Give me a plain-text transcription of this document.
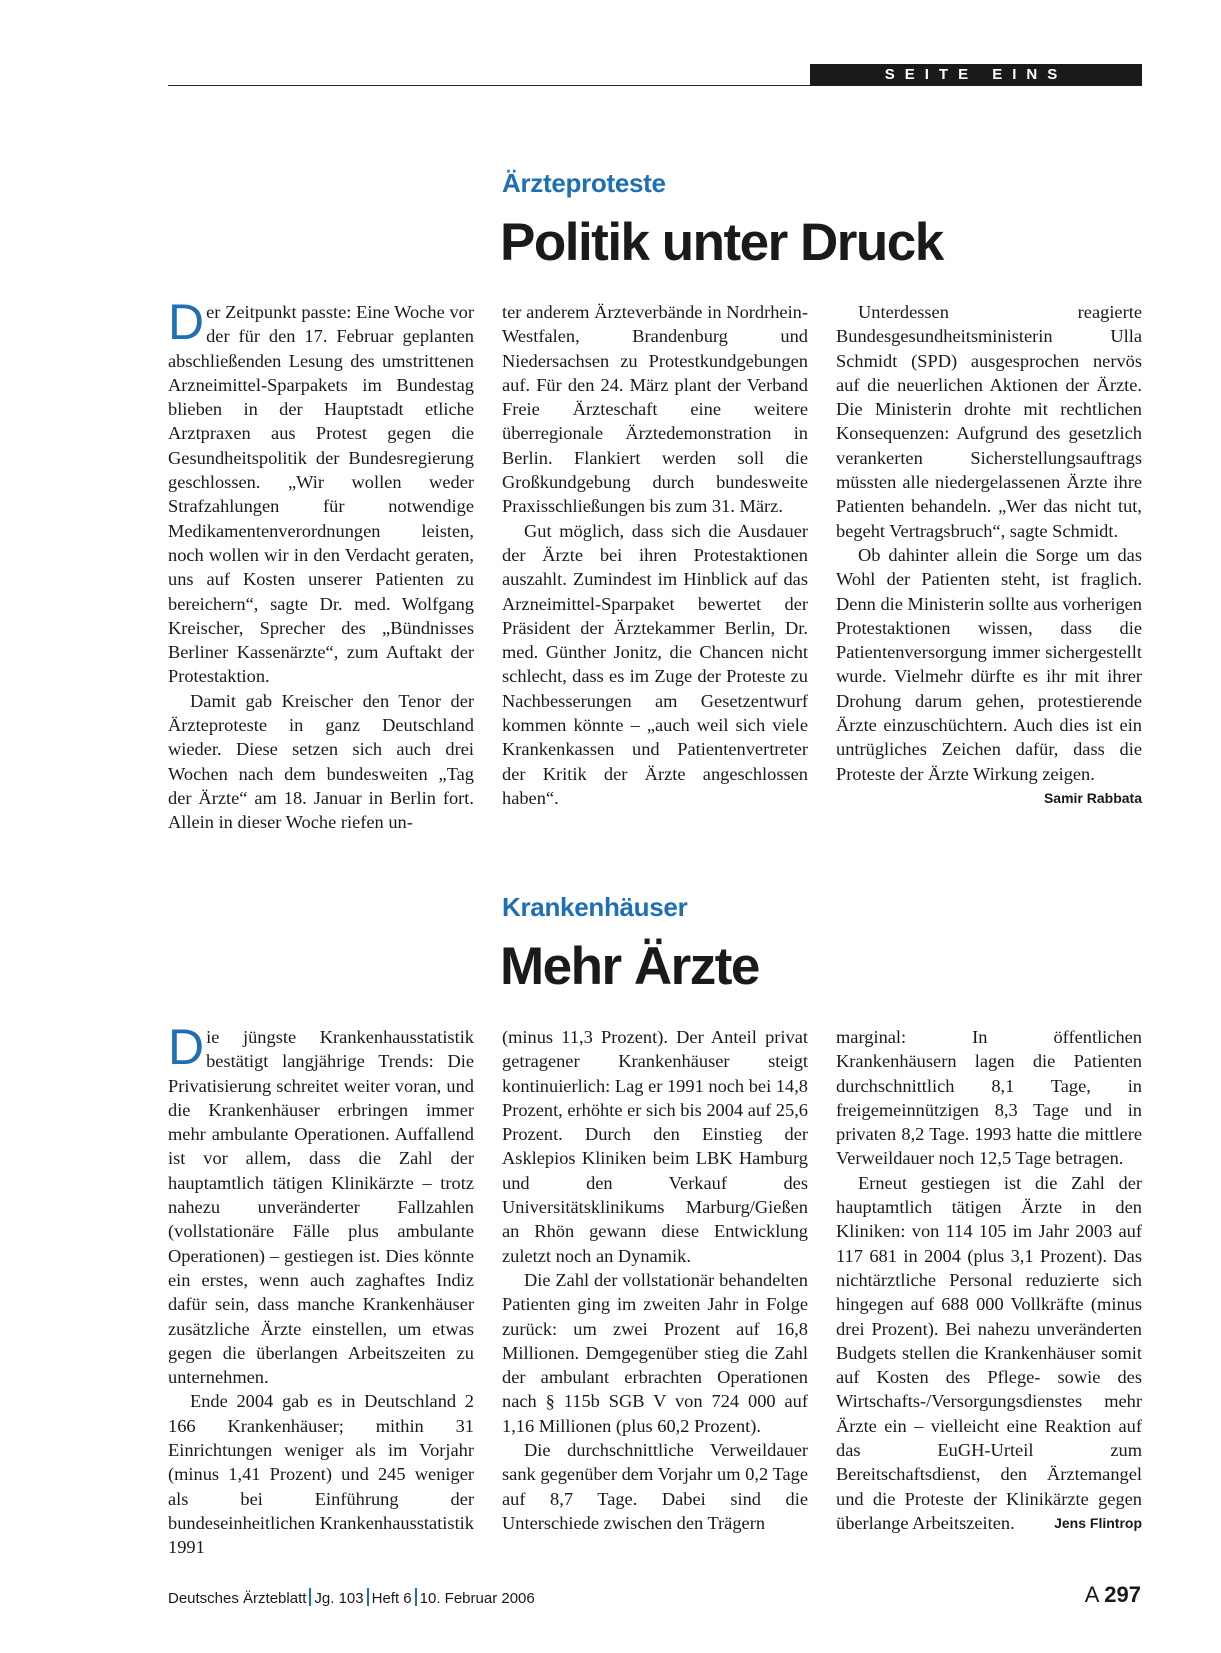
SEITE EINS
Ärzteproteste
Politik unter Druck

Der Zeitpunkt passte: Eine Woche vor der für den 17. Februar geplanten abschließenden Lesung des umstrittenen Arzneimittel-Sparpakets im Bundestag blieben in der Hauptstadt etliche Arztpraxen aus Protest gegen die Gesundheitspolitik der Bundesregierung geschlossen. „Wir wollen weder Strafzahlungen für notwendige Medikamentenverordnungen leisten, noch wollen wir in den Verdacht geraten, uns auf Kosten unserer Patienten zu bereichern“, sagte Dr. med. Wolfgang Kreischer, Sprecher des „Bündnisses Berliner Kassenärzte“, zum Auftakt der Protestaktion.

Damit gab Kreischer den Tenor der Ärzteproteste in ganz Deutschland wieder. Diese setzen sich auch drei Wochen nach dem bundesweiten „Tag der Ärzte“ am 18. Januar in Berlin fort. Allein in dieser Woche riefen un-

ter anderem Ärzteverbände in Nordrhein-Westfalen, Brandenburg und Niedersachsen zu Protestkundgebungen auf. Für den 24. März plant der Verband Freie Ärzteschaft eine weitere überregionale Ärztedemonstration in Berlin. Flankiert werden soll die Großkundgebung durch bundesweite Praxisschließungen bis zum 31. März.

Gut möglich, dass sich die Ausdauer der Ärzte bei ihren Protestaktionen auszahlt. Zumindest im Hinblick auf das Arzneimittel-Sparpaket bewertet der Präsident der Ärztekammer Berlin, Dr. med. Günther Jonitz, die Chancen nicht schlecht, dass es im Zuge der Proteste zu Nachbesserungen am Gesetzentwurf kommen könnte – „auch weil sich viele Krankenkassen und Patientenvertreter der Kritik der Ärzte angeschlossen haben“.

Unterdessen reagierte Bundesgesundheitsministerin Ulla Schmidt (SPD) ausgesprochen nervös auf die neuerlichen Aktionen der Ärzte. Die Ministerin drohte mit rechtlichen Konsequenzen: Aufgrund des gesetzlich verankerten Sicherstellungsauftrags müssten alle niedergelassenen Ärzte ihre Patienten behandeln. „Wer das nicht tut, begeht Vertragsbruch“, sagte Schmidt.

Ob dahinter allein die Sorge um das Wohl der Patienten steht, ist fraglich. Denn die Ministerin sollte aus vorherigen Protestaktionen wissen, dass die Patientenversorgung immer sichergestellt wurde. Vielmehr dürfte es ihr mit ihrer Drohung darum gehen, protestierende Ärzte einzuschüchtern. Auch dies ist ein untrügliches Zeichen dafür, dass die Proteste der Ärzte Wirkung zeigen.
Samir Rabbata

Krankenhäuser
Mehr Ärzte

Die jüngste Krankenhausstatistik bestätigt langjährige Trends: Die Privatisierung schreitet weiter voran, und die Krankenhäuser erbringen immer mehr ambulante Operationen. Auffallend ist vor allem, dass die Zahl der hauptamtlich tätigen Klinikärzte – trotz nahezu unveränderter Fallzahlen (vollstationäre Fälle plus ambulante Operationen) – gestiegen ist. Dies könnte ein erstes, wenn auch zaghaftes Indiz dafür sein, dass manche Krankenhäuser zusätzliche Ärzte einstellen, um etwas gegen die überlangen Arbeitszeiten zu unternehmen.

Ende 2004 gab es in Deutschland 2 166 Krankenhäuser; mithin 31 Einrichtungen weniger als im Vorjahr (minus 1,41 Prozent) und 245 weniger als bei Einführung der bundeseinheitlichen Krankenhausstatistik 1991

(minus 11,3 Prozent). Der Anteil privat getragener Krankenhäuser steigt kontinuierlich: Lag er 1991 noch bei 14,8 Prozent, erhöhte er sich bis 2004 auf 25,6 Prozent. Durch den Einstieg der Asklepios Kliniken beim LBK Hamburg und den Verkauf des Universitätsklinikums Marburg/Gießen an Rhön gewann diese Entwicklung zuletzt noch an Dynamik.

Die Zahl der vollstationär behandelten Patienten ging im zweiten Jahr in Folge zurück: um zwei Prozent auf 16,8 Millionen. Demgegenüber stieg die Zahl der ambulant erbrachten Operationen nach § 115b SGB V von 724 000 auf 1,16 Millionen (plus 60,2 Prozent).

Die durchschnittliche Verweildauer sank gegenüber dem Vorjahr um 0,2 Tage auf 8,7 Tage. Dabei sind die Unterschiede zwischen den Trägern

marginal: In öffentlichen Krankenhäusern lagen die Patienten durchschnittlich 8,1 Tage, in freigemeinnützigen 8,3 Tage und in privaten 8,2 Tage. 1993 hatte die mittlere Verweildauer noch 12,5 Tage betragen.

Erneut gestiegen ist die Zahl der hauptamtlich tätigen Ärzte in den Kliniken: von 114 105 im Jahr 2003 auf 117 681 in 2004 (plus 3,1 Prozent). Das nichtärztliche Personal reduzierte sich hingegen auf 688 000 Vollkräfte (minus drei Prozent). Bei nahezu unveränderten Budgets stellen die Krankenhäuser somit auf Kosten des Pflege- sowie des Wirtschafts-/Versorgungsdienstes mehr Ärzte ein – vielleicht eine Reaktion auf das EuGH-Urteil zum Bereitschaftsdienst, den Ärztemangel und die Proteste der Klinikärzte gegen überlange Arbeitszeiten.	Jens Flintrop

Deutsches Ärzteblatt Jg. 103 Heft 6 10. Februar 2006	A 297
